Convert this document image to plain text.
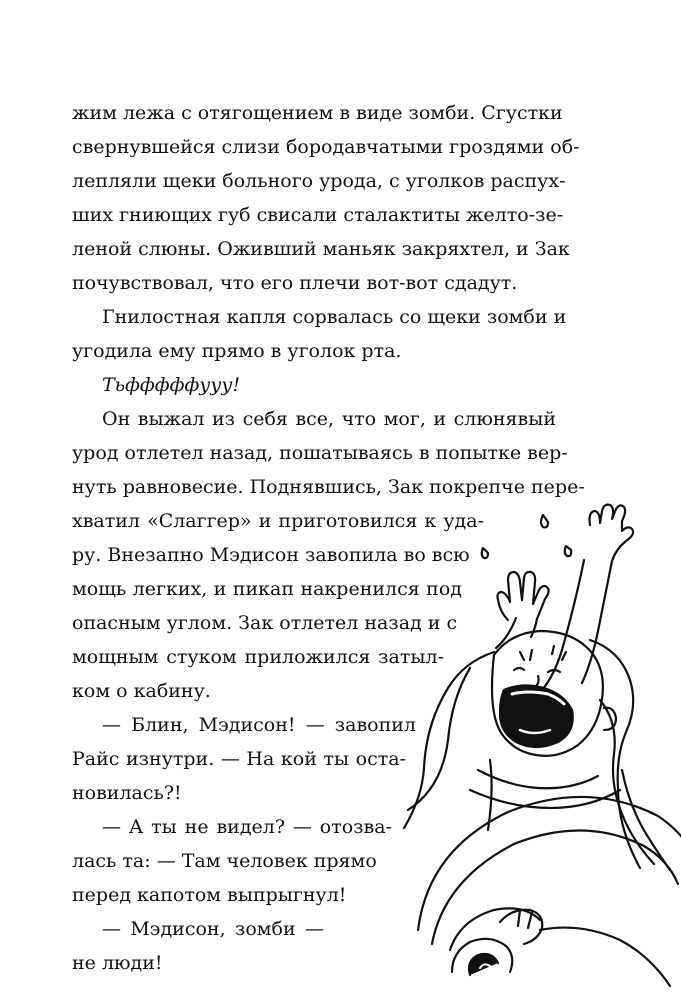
жим лежа с отягощением в виде зомби. Сгустки
свернувшейся слизи бородавчатыми гроздями об-
лепляли щеки больного урода, с уголков распух-
ших гниющих губ свисали сталактиты желто-зе-
леной слюны. Оживший маньяк закряхтел, и Зак
почувствовал, что его плечи вот-вот сдадут.
Гнилостная капля сорвалась со щеки зомби и
угодила ему прямо в уголок рта.
Тьфффффууу!
Он выжал из себя все, что мог, и слюнявый
урод отлетел назад, пошатываясь в попытке вер-
нуть равновесие. Поднявшись, Зак покрепче пере-
хватил «Слаггер» и приготовился к уда-
ру. Внезапно Мэдисон завопила во всю
мощь легких, и пикап накренился под
опасным углом. Зак отлетел назад и с
мощным стуком приложился затыл-
ком о кабину.
— Блин, Мэдисон! — завопил
Райс изнутри. — На кой ты оста-
новилась?!
— А ты не видел? — отозва-
лась та: — Там человек прямо
перед капотом выпрыгнул!
— Мэдисон, зомби —
не люди!
